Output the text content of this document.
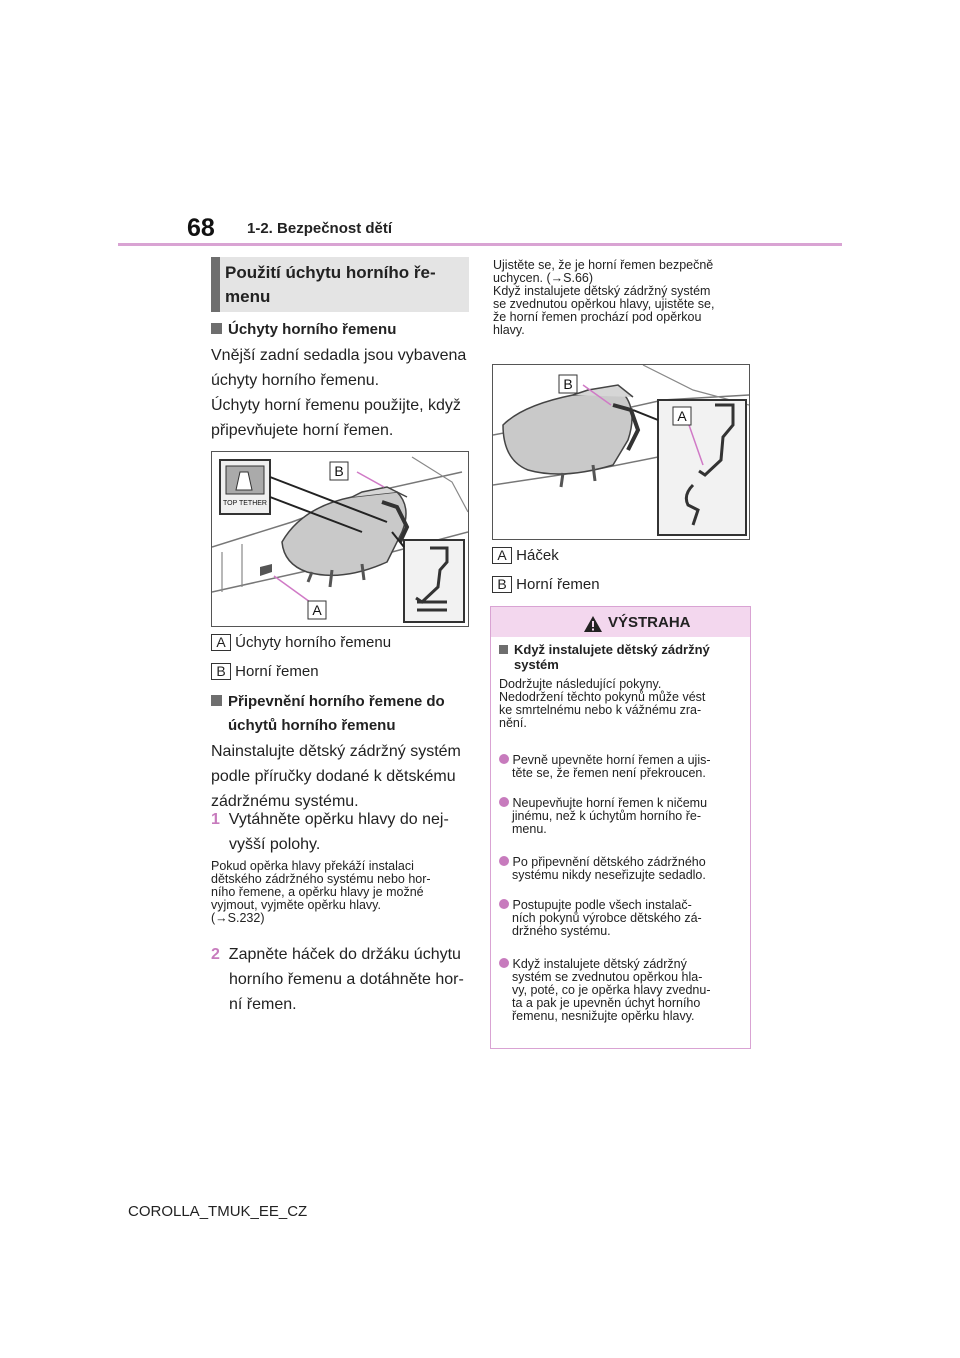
68 1-2. Bezpečnost dětí
Použití úchytu horního ře-
menu
Úchyty horního řemenu
Vnější zadní sedadla jsou vybavena
úchyty horního řemenu.
Úchyty horní řemenu použijte, když
připevňujete horní řemen.
TOP TETHER
B
A
A Úchyty horního řemenu
B Horní řemen
Připevnění horního řemene do
úchytů horního řemenu
Nainstalujte dětský zádržný systém
podle příručky dodané k dětskému
zádržnému systému.
1 Vytáhněte opěrku hlavy do nej-
vyšší polohy.
Pokud opěrka hlavy překáží instalaci
dětského zádržného systému nebo hor-
ního řemene, a opěrku hlavy je možné
vyjmout, vyjměte opěrku hlavy.
(→S.232)
2 Zapněte háček do držáku úchytu
horního řemenu a dotáhněte hor-
ní řemen.
Ujistěte se, že je horní řemen bezpečně
uchycen. (→S.66)
Když instalujete dětský zádržný systém
se zvednutou opěrkou hlavy, ujistěte se,
že horní řemen prochází pod opěrkou
hlavy.
B
A
A Háček
B Horní řemen
VÝSTRAHA
Když instalujete dětský zádržný
systém
Dodržujte následující pokyny.
Nedodržení těchto pokynů může vést
ke smrtelnému nebo k vážnému zra-
nění.
Pevně upevněte horní řemen a ujis-
těte se, že řemen není překroucen.
Neupevňujte horní řemen k ničemu
jinému, než k úchytům horního ře-
menu.
Po připevnění dětského zádržného
systému nikdy neseřizujte sedadlo.
Postupujte podle všech instalač-
ních pokynů výrobce dětského zá-
držného systému.
Když instalujete dětský zádržný
systém se zvednutou opěrkou hla-
vy, poté, co je opěrka hlavy zvednu-
ta a pak je upevněn úchyt horního
řemenu, nesnižujte opěrku hlavy.
COROLLA_TMUK_EE_CZ
